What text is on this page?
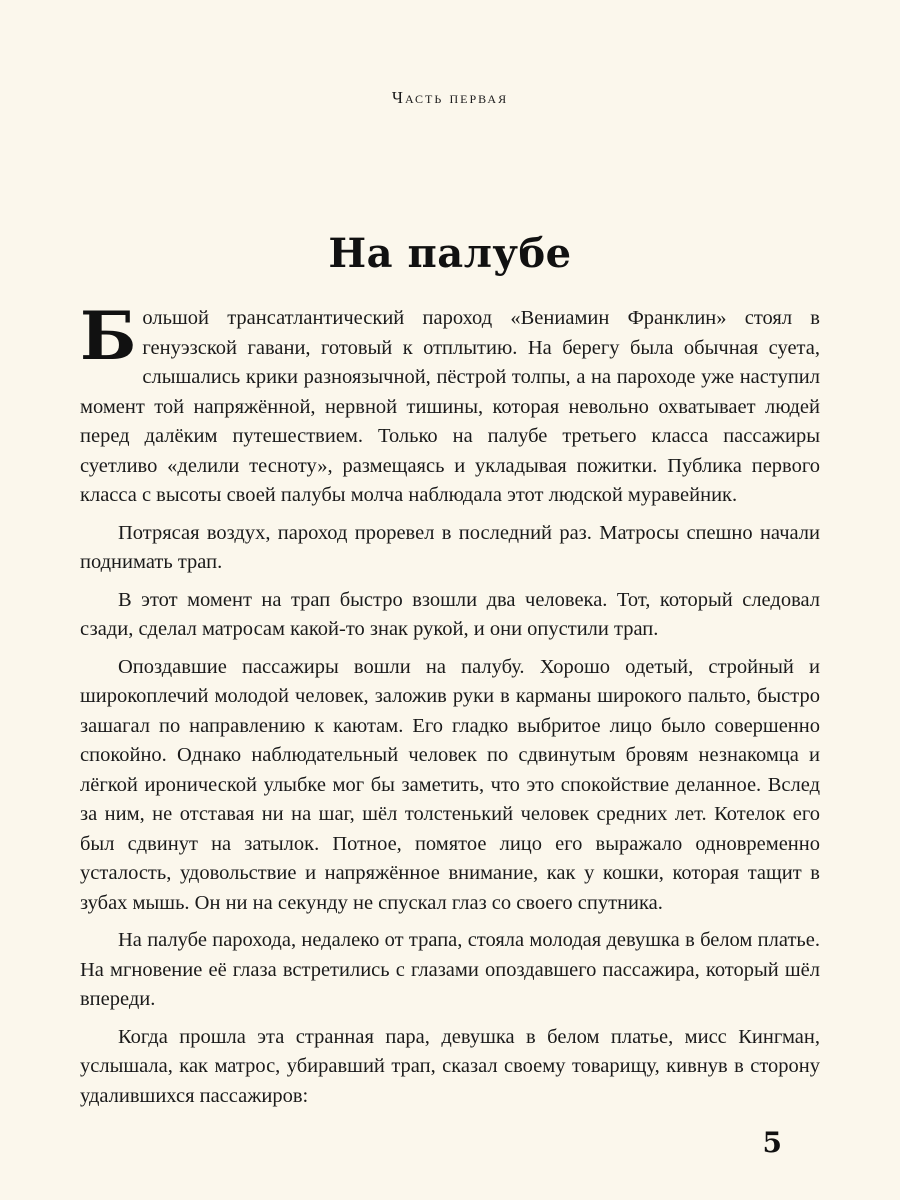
Часть первая
На палубе

Большой трансатлантический пароход «Вениамин Франклин» стоял в генуэзской гавани, готовый к отплытию. На берегу была обычная суета, слышались крики разноязычной, пёстрой толпы, а на пароходе уже наступил момент той напряжённой, нервной тишины, которая невольно охватывает людей перед далёким путешествием. Только на палубе третьего класса пассажиры суетливо «делили тесноту», размещаясь и укладывая пожитки. Публика первого класса с высоты своей палубы молча наблюдала этот людской муравейник.

Потрясая воздух, пароход проревел в последний раз. Матросы спешно начали поднимать трап.

В этот момент на трап быстро взошли два человека. Тот, который следовал сзади, сделал матросам какой-то знак рукой, и они опустили трап.

Опоздавшие пассажиры вошли на палубу. Хорошо одетый, стройный и широкоплечий молодой человек, заложив руки в карманы широкого пальто, быстро зашагал по направлению к каютам. Его гладко выбритое лицо было совершенно спокойно. Однако наблюдательный человек по сдвинутым бровям незнакомца и лёгкой иронической улыбке мог бы заметить, что это спокойствие деланное. Вслед за ним, не отставая ни на шаг, шёл толстенький человек средних лет. Котелок его был сдвинут на затылок. Потное, помятое лицо его выражало одновременно усталость, удовольствие и напряжённое внимание, как у кошки, которая тащит в зубах мышь. Он ни на секунду не спускал глаз со своего спутника.

На палубе парохода, недалеко от трапа, стояла молодая девушка в белом платье. На мгновение её глаза встретились с глазами опоздавшего пассажира, который шёл впереди.

Когда прошла эта странная пара, девушка в белом платье, мисс Кингман, услышала, как матрос, убиравший трап, сказал своему товарищу, кивнув в сторону удалившихся пассажиров:

5
